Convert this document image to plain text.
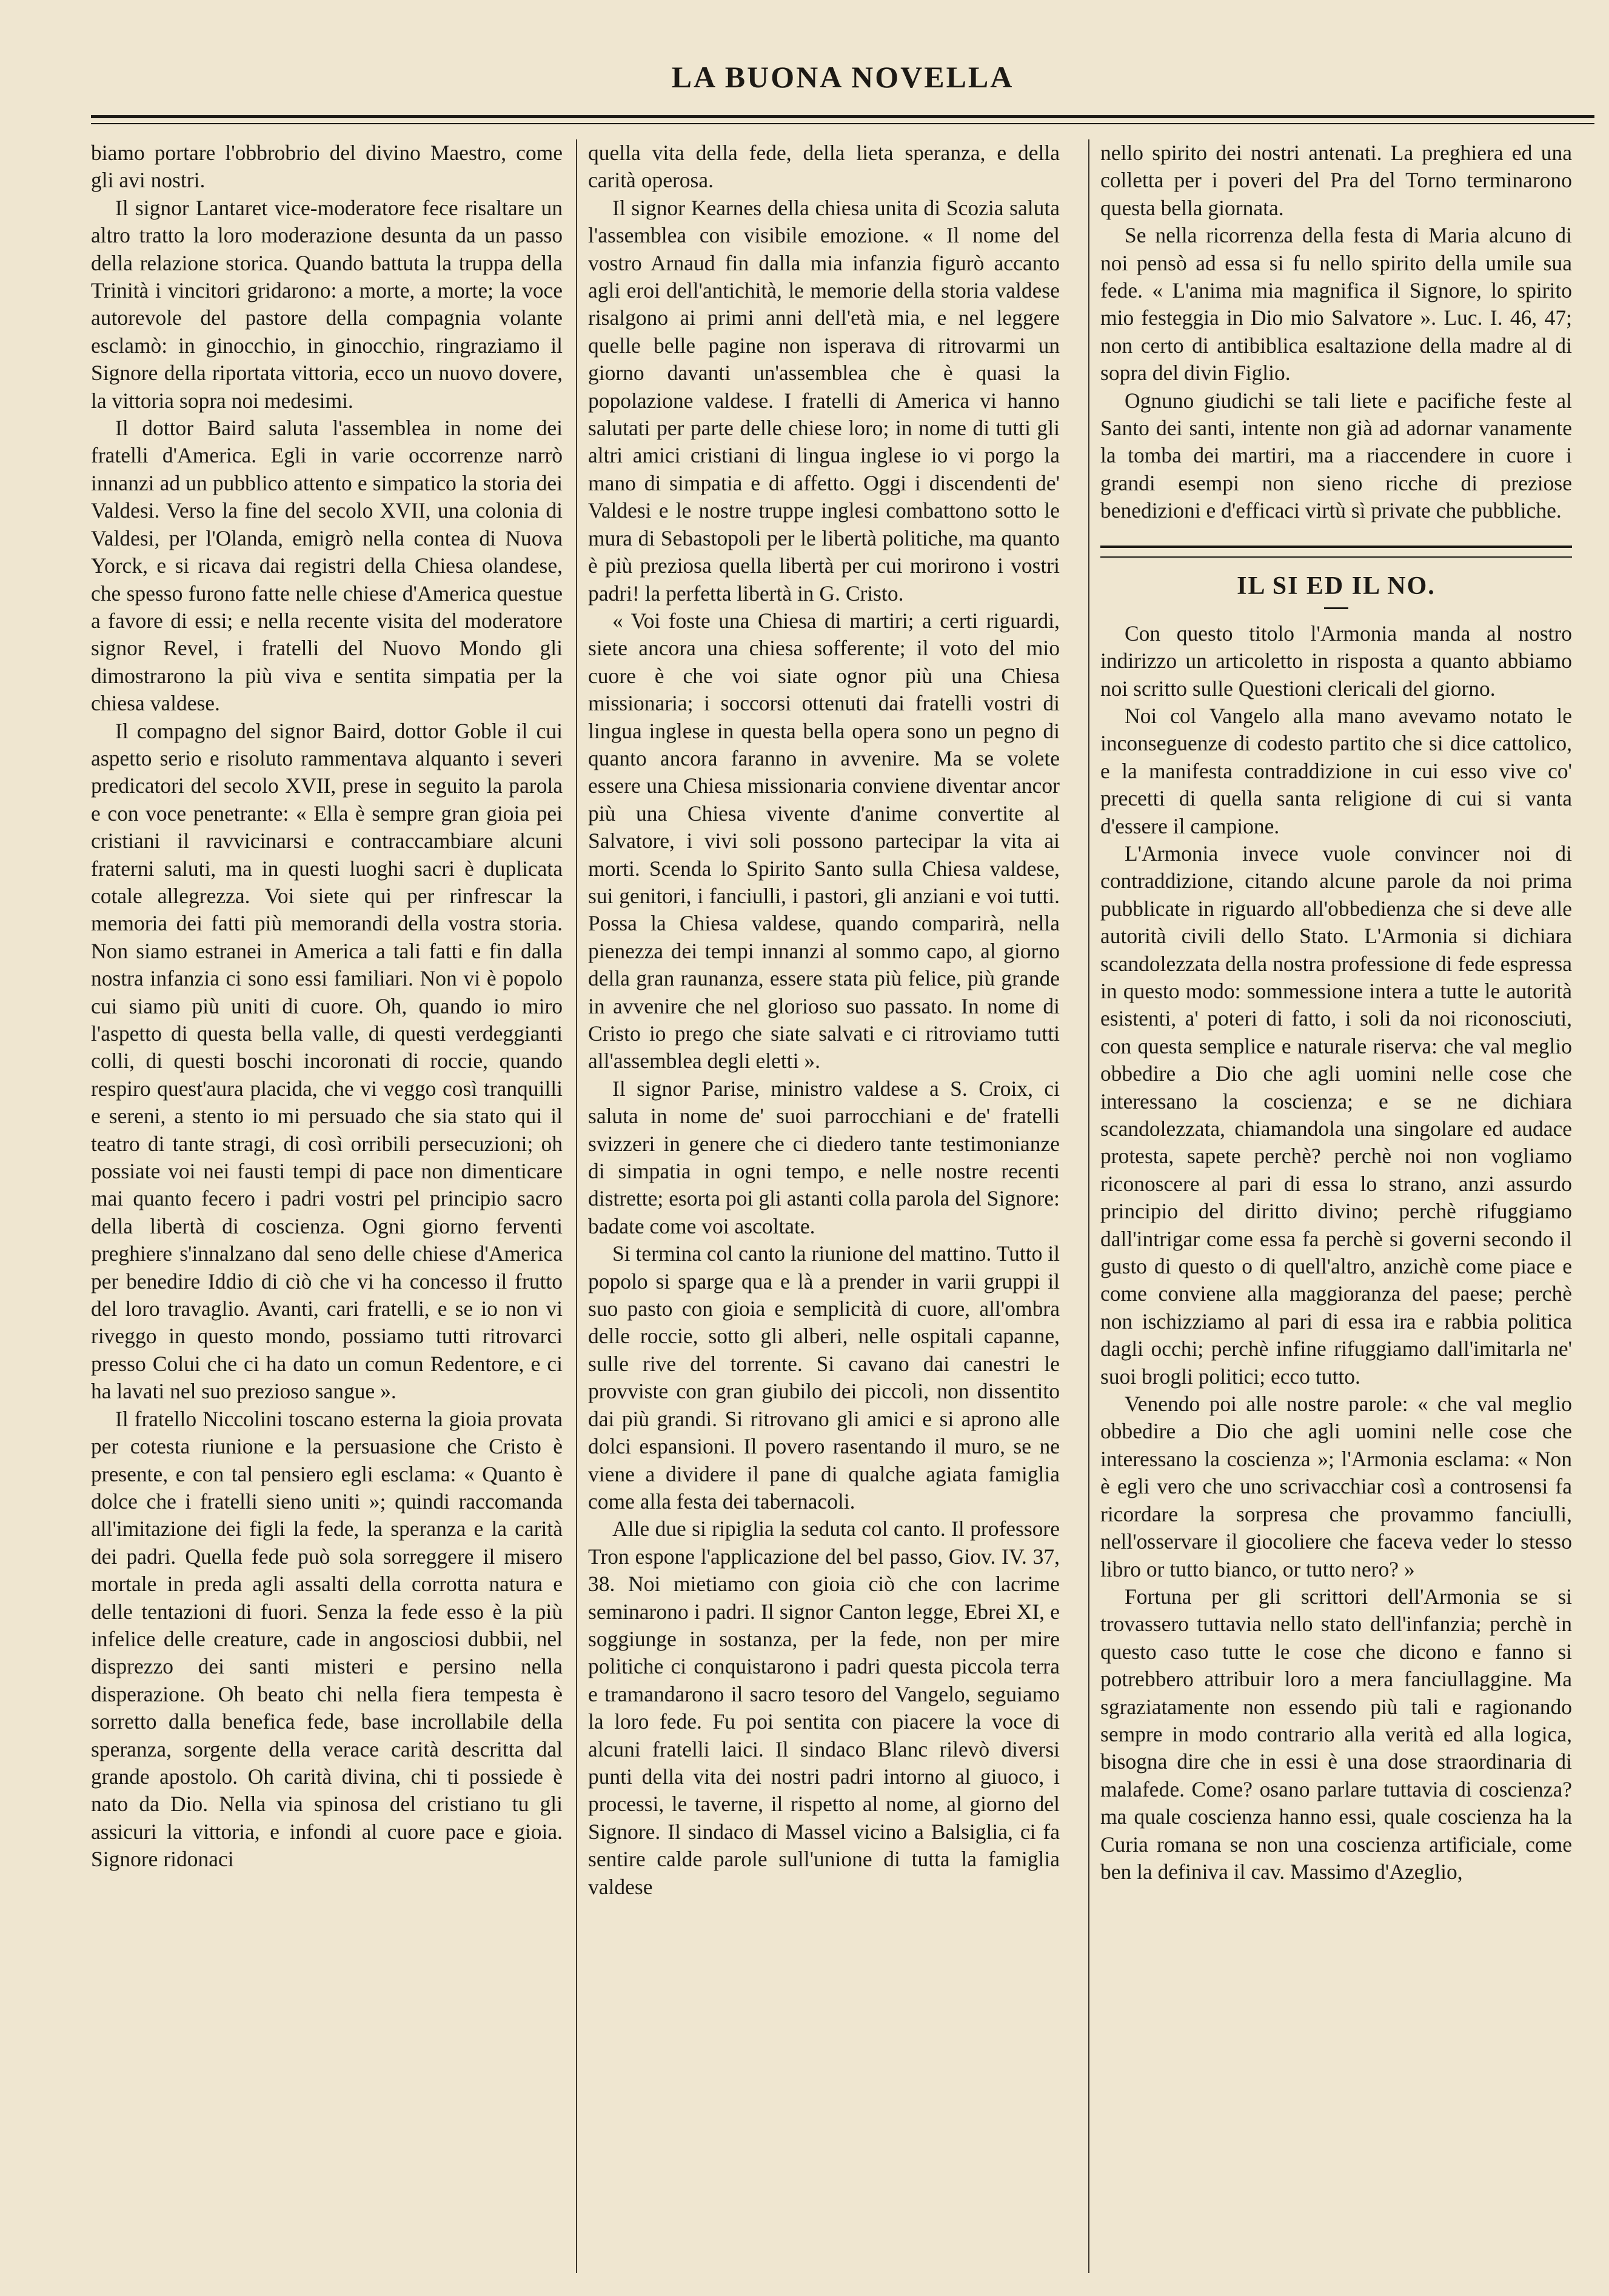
LA BUONA NOVELLA

biamo portare l'obbrobrio del divino Maestro, come gli avi nostri.

Il signor Lantaret vice-moderatore fece risaltare un altro tratto la loro moderazione desunta da un passo della relazione storica. Quando battuta la truppa della Trinità i vincitori gridarono: a morte, a morte; la voce autorevole del pastore della compagnia volante esclamò: in ginocchio, in ginocchio, ringraziamo il Signore della riportata vittoria, ecco un nuovo dovere, la vittoria sopra noi medesimi.

Il dottor Baird saluta l'assemblea in nome dei fratelli d'America. Egli in varie occorrenze narrò innanzi ad un pubblico attento e simpatico la storia dei Valdesi. Verso la fine del secolo XVII, una colonia di Valdesi, per l'Olanda, emigrò nella contea di Nuova Yorck, e si ricava dai registri della Chiesa olandese, che spesso furono fatte nelle chiese d'America questue a favore di essi; e nella recente visita del moderatore signor Revel, i fratelli del Nuovo Mondo gli dimostrarono la più viva e sentita simpatia per la chiesa valdese.

Il compagno del signor Baird, dottor Goble il cui aspetto serio e risoluto rammentava alquanto i severi predicatori del secolo XVII, prese in seguito la parola e con voce penetrante: « Ella è sempre gran gioia pei cristiani il ravvicinarsi e contraccambiare alcuni fraterni saluti, ma in questi luoghi sacri è duplicata cotale allegrezza. Voi siete qui per rinfrescar la memoria dei fatti più memorandi della vostra storia. Non siamo estranei in America a tali fatti e fin dalla nostra infanzia ci sono essi familiari. Non vi è popolo cui siamo più uniti di cuore. Oh, quando io miro l'aspetto di questa bella valle, di questi verdeggianti colli, di questi boschi incoronati di roccie, quando respiro quest'aura placida, che vi veggo così tranquilli e sereni, a stento io mi persuado che sia stato qui il teatro di tante stragi, di così orribili persecuzioni; oh possiate voi nei fausti tempi di pace non dimenticare mai quanto fecero i padri vostri pel principio sacro della libertà di coscienza. Ogni giorno ferventi preghiere s'innalzano dal seno delle chiese d'America per benedire Iddio di ciò che vi ha concesso il frutto del loro travaglio. Avanti, cari fratelli, e se io non vi riveggo in questo mondo, possiamo tutti ritrovarci presso Colui che ci ha dato un comun Redentore, e ci ha lavati nel suo prezioso sangue ».

Il fratello Niccolini toscano esterna la gioia provata per cotesta riunione e la persuasione che Cristo è presente, e con tal pensiero egli esclama: « Quanto è dolce che i fratelli sieno uniti »; quindi raccomanda all'imitazione dei figli la fede, la speranza e la carità dei padri. Quella fede può sola sorreggere il misero mortale in preda agli assalti della corrotta natura e delle tentazioni di fuori. Senza la fede esso è la più infelice delle creature, cade in angosciosi dubbii, nel disprezzo dei santi misteri e persino nella disperazione. Oh beato chi nella fiera tempesta è sorretto dalla benefica fede, base incrollabile della speranza, sorgente della verace carità descritta dal grande apostolo. Oh carità divina, chi ti possiede è nato da Dio. Nella via spinosa del cristiano tu gli assicuri la vittoria, e infondi al cuore pace e gioia. Signore ridonaci

quella vita della fede, della lieta speranza, e della carità operosa.

Il signor Kearnes della chiesa unita di Scozia saluta l'assemblea con visibile emozione. « Il nome del vostro Arnaud fin dalla mia infanzia figurò accanto agli eroi dell'antichità, le memorie della storia valdese risalgono ai primi anni dell'età mia, e nel leggere quelle belle pagine non isperava di ritrovarmi un giorno davanti un'assemblea che è quasi la popolazione valdese. I fratelli di America vi hanno salutati per parte delle chiese loro; in nome di tutti gli altri amici cristiani di lingua inglese io vi porgo la mano di simpatia e di affetto. Oggi i discendenti de' Valdesi e le nostre truppe inglesi combattono sotto le mura di Sebastopoli per le libertà politiche, ma quanto è più preziosa quella libertà per cui morirono i vostri padri! la perfetta libertà in G. Cristo.

« Voi foste una Chiesa di martiri; a certi riguardi, siete ancora una chiesa sofferente; il voto del mio cuore è che voi siate ognor più una Chiesa missionaria; i soccorsi ottenuti dai fratelli vostri di lingua inglese in questa bella opera sono un pegno di quanto ancora faranno in avvenire. Ma se volete essere una Chiesa missionaria conviene diventar ancor più una Chiesa vivente d'anime convertite al Salvatore, i vivi soli possono partecipar la vita ai morti. Scenda lo Spirito Santo sulla Chiesa valdese, sui genitori, i fanciulli, i pastori, gli anziani e voi tutti. Possa la Chiesa valdese, quando comparirà, nella pienezza dei tempi innanzi al sommo capo, al giorno della gran raunanza, essere stata più felice, più grande in avvenire che nel glorioso suo passato. In nome di Cristo io prego che siate salvati e ci ritroviamo tutti all'assemblea degli eletti ».

Il signor Parise, ministro valdese a S. Croix, ci saluta in nome de' suoi parrocchiani e de' fratelli svizzeri in genere che ci diedero tante testimonianze di simpatia in ogni tempo, e nelle nostre recenti distrette; esorta poi gli astanti colla parola del Signore: badate come voi ascoltate.

Si termina col canto la riunione del mattino. Tutto il popolo si sparge qua e là a prender in varii gruppi il suo pasto con gioia e semplicità di cuore, all'ombra delle roccie, sotto gli alberi, nelle ospitali capanne, sulle rive del torrente. Si cavano dai canestri le provviste con gran giubilo dei piccoli, non dissentito dai più grandi. Si ritrovano gli amici e si aprono alle dolci espansioni. Il povero rasentando il muro, se ne viene a dividere il pane di qualche agiata famiglia come alla festa dei tabernacoli.

Alle due si ripiglia la seduta col canto. Il professore Tron espone l'applicazione del bel passo, Giov. IV. 37, 38. Noi mietiamo con gioia ciò che con lacrime seminarono i padri. Il signor Canton legge, Ebrei XI, e soggiunge in sostanza, per la fede, non per mire politiche ci conquistarono i padri questa piccola terra e tramandarono il sacro tesoro del Vangelo, seguiamo la loro fede. Fu poi sentita con piacere la voce di alcuni fratelli laici. Il sindaco Blanc rilevò diversi punti della vita dei nostri padri intorno al giuoco, i processi, le taverne, il rispetto al nome, al giorno del Signore. Il sindaco di Massel vicino a Balsiglia, ci fa sentire calde parole sull'unione di tutta la famiglia valdese

nello spirito dei nostri antenati. La preghiera ed una colletta per i poveri del Pra del Torno terminarono questa bella giornata.

Se nella ricorrenza della festa di Maria alcuno di noi pensò ad essa si fu nello spirito della umile sua fede. « L'anima mia magnifica il Signore, lo spirito mio festeggia in Dio mio Salvatore ». Luc. I. 46, 47; non certo di antibiblica esaltazione della madre al di sopra del divin Figlio.

Ognuno giudichi se tali liete e pacifiche feste al Santo dei santi, intente non già ad adornar vanamente la tomba dei martiri, ma a riaccendere in cuore i grandi esempi non sieno ricche di preziose benedizioni e d'efficaci virtù sì private che pubbliche.

IL SI ED IL NO.

Con questo titolo l'Armonia manda al nostro indirizzo un articoletto in risposta a quanto abbiamo noi scritto sulle Questioni clericali del giorno.

Noi col Vangelo alla mano avevamo notato le inconseguenze di codesto partito che si dice cattolico, e la manifesta contraddizione in cui esso vive co' precetti di quella santa religione di cui si vanta d'essere il campione.

L'Armonia invece vuole convincer noi di contraddizione, citando alcune parole da noi prima pubblicate in riguardo all'obbedienza che si deve alle autorità civili dello Stato. L'Armonia si dichiara scandolezzata della nostra professione di fede espressa in questo modo: sommessione intera a tutte le autorità esistenti, a' poteri di fatto, i soli da noi riconosciuti, con questa semplice e naturale riserva: che val meglio obbedire a Dio che agli uomini nelle cose che interessano la coscienza; e se ne dichiara scandolezzata, chiamandola una singolare ed audace protesta, sapete perchè? perchè noi non vogliamo riconoscere al pari di essa lo strano, anzi assurdo principio del diritto divino; perchè rifuggiamo dall'intrigar come essa fa perchè si governi secondo il gusto di questo o di quell'altro, anzichè come piace e come conviene alla maggioranza del paese; perchè non ischizziamo al pari di essa ira e rabbia politica dagli occhi; perchè infine rifuggiamo dall'imitarla ne' suoi brogli politici; ecco tutto.

Venendo poi alle nostre parole: « che val meglio obbedire a Dio che agli uomini nelle cose che interessano la coscienza »; l'Armonia esclama: « Non è egli vero che uno scrivacchiar così a controsensi fa ricordare la sorpresa che provammo fanciulli, nell'osservare il giocoliere che faceva veder lo stesso libro or tutto bianco, or tutto nero? »

Fortuna per gli scrittori dell'Armonia se si trovassero tuttavia nello stato dell'infanzia; perchè in questo caso tutte le cose che dicono e fanno si potrebbero attribuir loro a mera fanciullaggine. Ma sgraziatamente non essendo più tali e ragionando sempre in modo contrario alla verità ed alla logica, bisogna dire che in essi è una dose straordinaria di malafede. Come? osano parlare tuttavia di coscienza? ma quale coscienza hanno essi, quale coscienza ha la Curia romana se non una coscienza artificiale, come ben la definiva il cav. Massimo d'Azeglio,
